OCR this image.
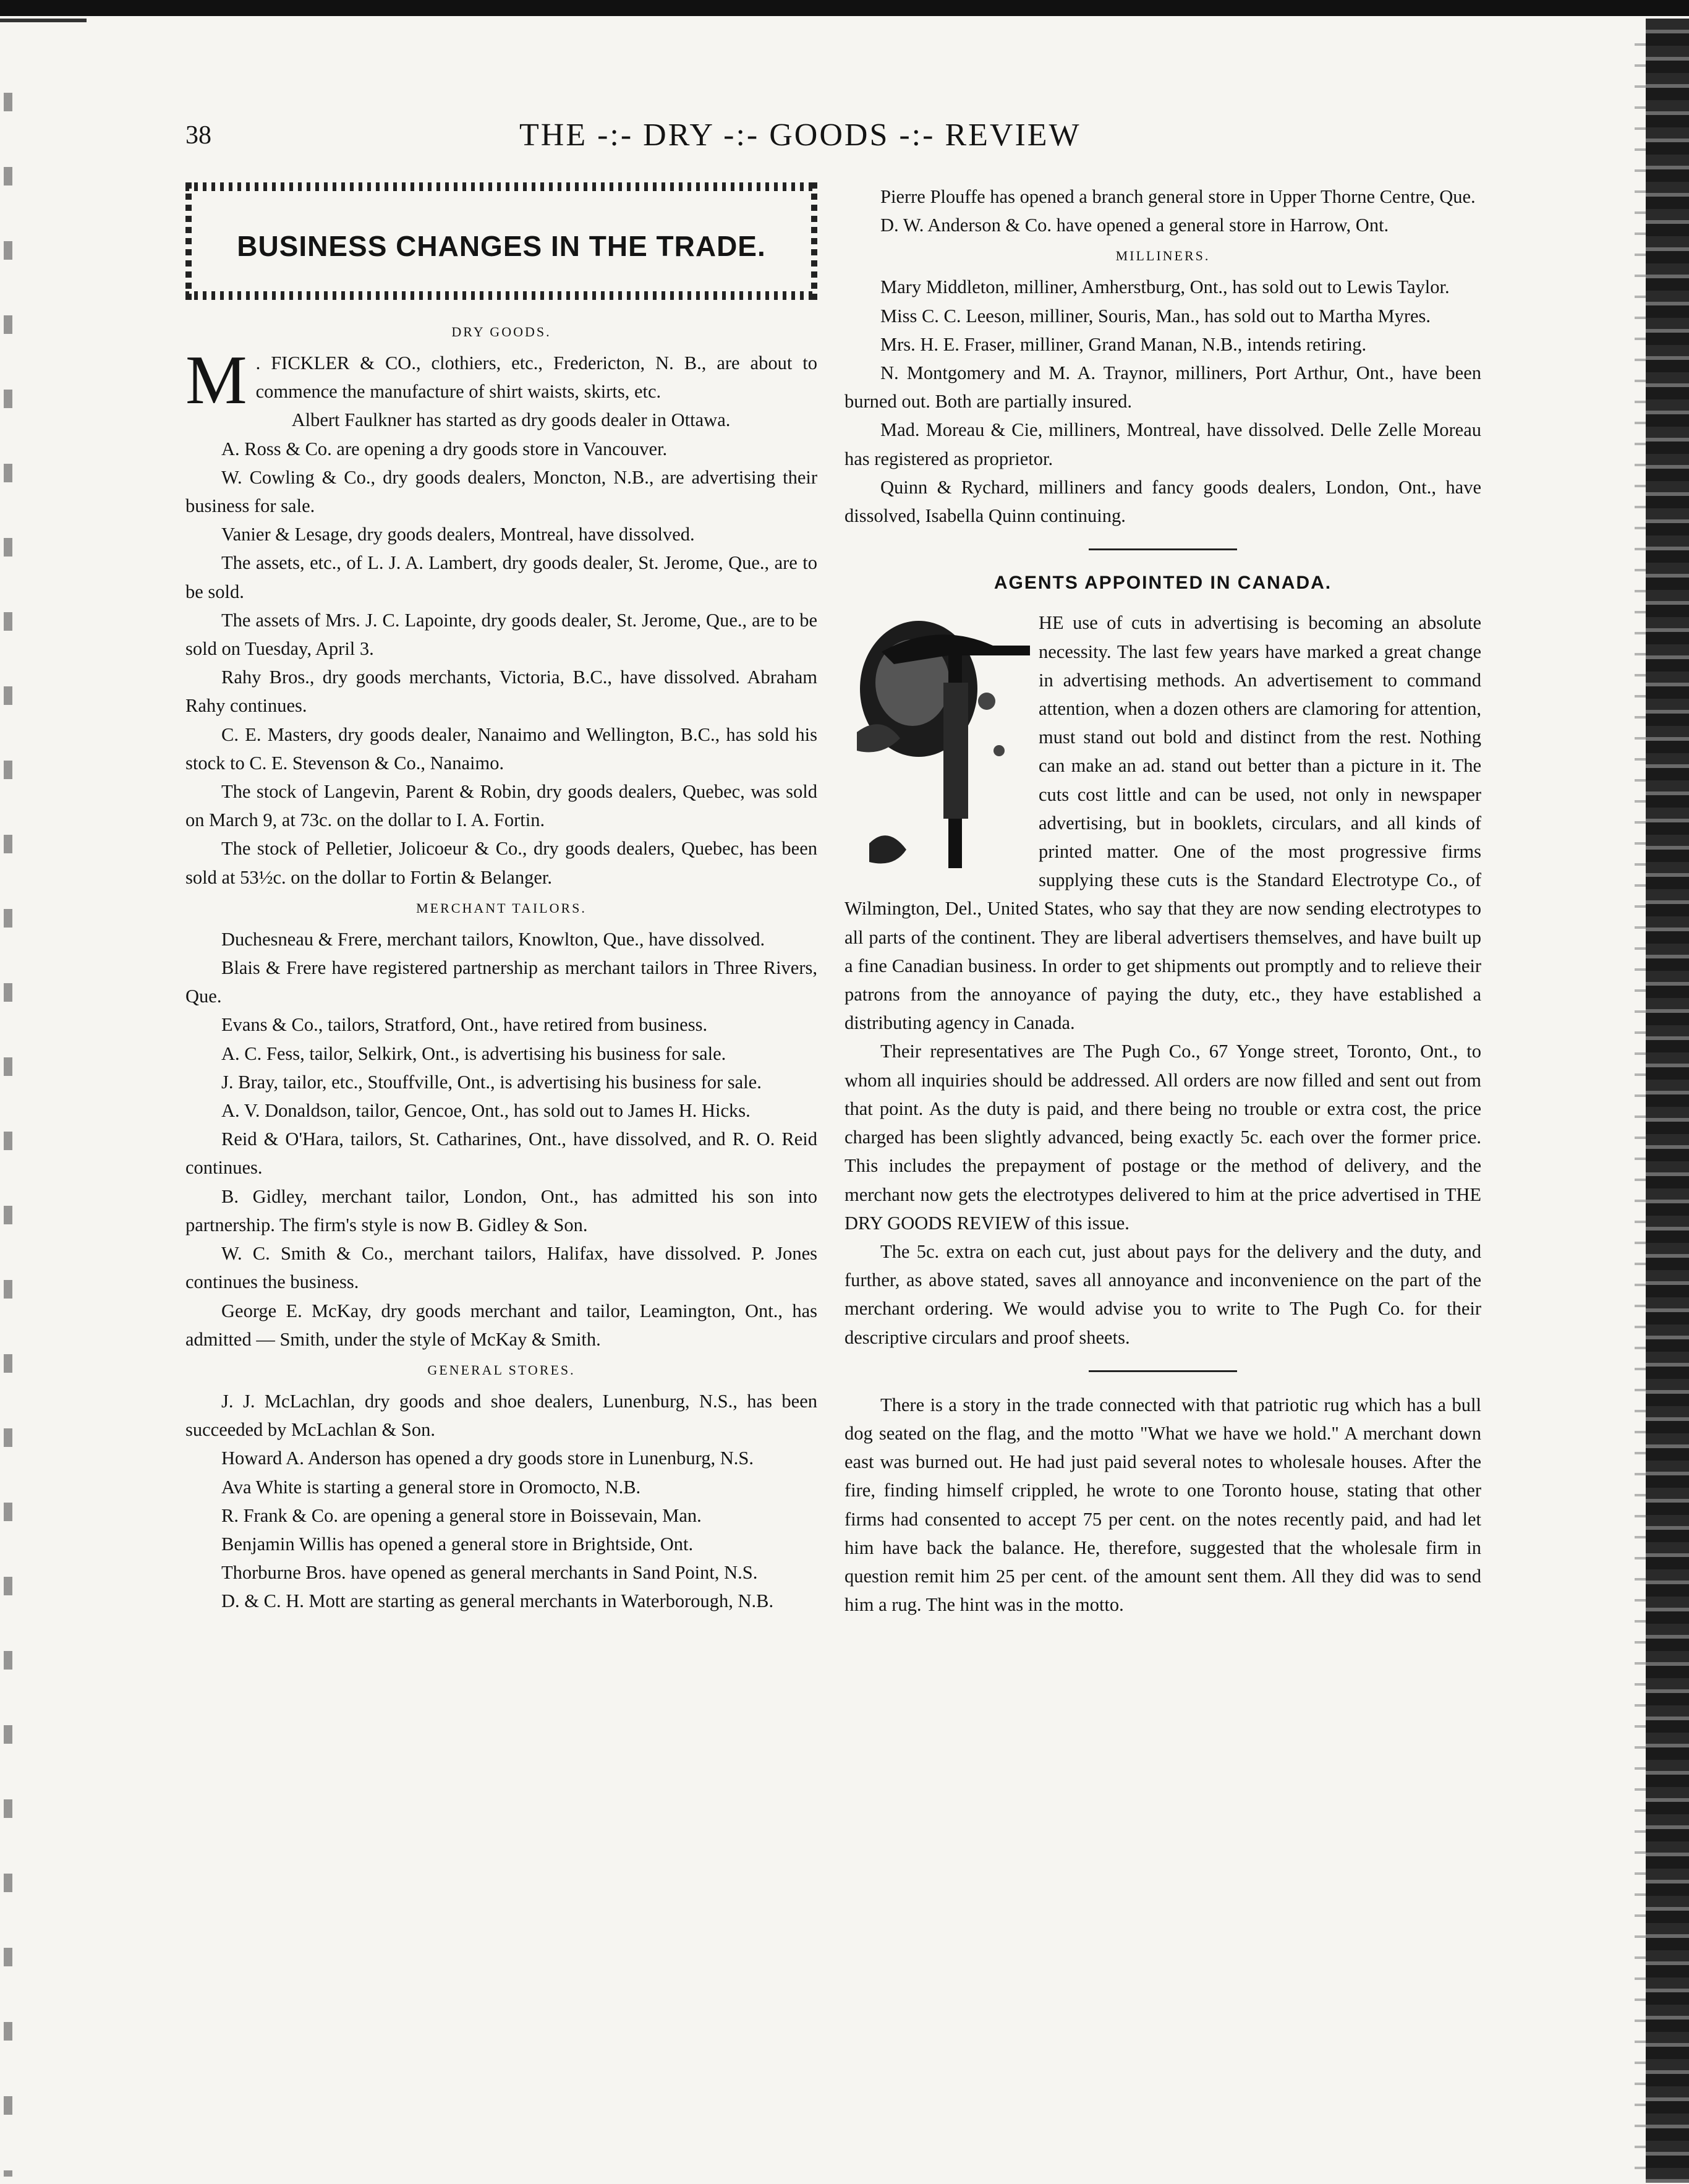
38	THE -:- DRY -:- GOODS -:- REVIEW
BUSINESS CHANGES IN THE TRADE.
DRY GOODS.

M . FICKLER & CO., clothiers, etc., Fredericton, N. B., are about to commence the manufacture of shirt waists, skirts, etc.

Albert Faulkner has started as dry goods dealer in Ottawa.

A. Ross & Co. are opening a dry goods store in Vancouver.

W. Cowling & Co., dry goods dealers, Moncton, N.B., are advertising their business for sale.

Vanier & Lesage, dry goods dealers, Montreal, have dissolved.

The assets, etc., of L. J. A. Lambert, dry goods dealer, St. Jerome, Que., are to be sold.

The assets of Mrs. J. C. Lapointe, dry goods dealer, St. Jerome, Que., are to be sold on Tuesday, April 3.

Rahy Bros., dry goods merchants, Victoria, B.C., have dissolved. Abraham Rahy continues.

C. E. Masters, dry goods dealer, Nanaimo and Wellington, B.C., has sold his stock to C. E. Stevenson & Co., Nanaimo.

The stock of Langevin, Parent & Robin, dry goods dealers, Quebec, was sold on March 9, at 73c. on the dollar to I. A. Fortin.

The stock of Pelletier, Jolicoeur & Co., dry goods dealers, Quebec, has been sold at 53½c. on the dollar to Fortin & Belanger.

MERCHANT TAILORS.

Duchesneau & Frere, merchant tailors, Knowlton, Que., have dissolved.

Blais & Frere have registered partnership as merchant tailors in Three Rivers, Que.

Evans & Co., tailors, Stratford, Ont., have retired from business.

A. C. Fess, tailor, Selkirk, Ont., is advertising his business for sale.

J. Bray, tailor, etc., Stouffville, Ont., is advertising his business for sale.

A. V. Donaldson, tailor, Gencoe, Ont., has sold out to James H. Hicks.

Reid & O'Hara, tailors, St. Catharines, Ont., have dissolved, and R. O. Reid continues.

B. Gidley, merchant tailor, London, Ont., has admitted his son into partnership. The firm's style is now B. Gidley & Son.

W. C. Smith & Co., merchant tailors, Halifax, have dissolved. P. Jones continues the business.

George E. McKay, dry goods merchant and tailor, Leamington, Ont., has admitted — Smith, under the style of McKay & Smith.

GENERAL STORES.

J. J. McLachlan, dry goods and shoe dealers, Lunenburg, N.S., has been succeeded by McLachlan & Son.

Howard A. Anderson has opened a dry goods store in Lunenburg, N.S.

Ava White is starting a general store in Oromocto, N.B.

R. Frank & Co. are opening a general store in Boissevain, Man.

Benjamin Willis has opened a general store in Brightside, Ont.

Thorburne Bros. have opened as general merchants in Sand Point, N.S.

D. & C. H. Mott are starting as general merchants in Waterborough, N.B.

Pierre Plouffe has opened a branch general store in Upper Thorne Centre, Que.

D. W. Anderson & Co. have opened a general store in Harrow, Ont.

MILLINERS.

Mary Middleton, milliner, Amherstburg, Ont., has sold out to Lewis Taylor.

Miss C. C. Leeson, milliner, Souris, Man., has sold out to Martha Myres.

Mrs. H. E. Fraser, milliner, Grand Manan, N.B., intends retiring.

N. Montgomery and M. A. Traynor, milliners, Port Arthur, Ont., have been burned out. Both are partially insured.

Mad. Moreau & Cie, milliners, Montreal, have dissolved. Delle Zelle Moreau has registered as proprietor.

Quinn & Rychard, milliners and fancy goods dealers, London, Ont., have dissolved, Isabella Quinn continuing.

AGENTS APPOINTED IN CANADA.

HE use of cuts in advertising is becoming an absolute necessity. The last few years have marked a great change in advertising methods. An advertisement to command attention, when a dozen others are clamoring for attention, must stand out bold and distinct from the rest. Nothing can make an ad. stand out better than a picture in it. The cuts cost little and can be used, not only in newspaper advertising, but in booklets, circulars, and all kinds of printed matter. One of the most progressive firms supplying these cuts is the Standard Electrotype Co., of Wilmington, Del., United States, who say that they are now sending electrotypes to all parts of the continent. They are liberal advertisers themselves, and have built up a fine Canadian business. In order to get shipments out promptly and to relieve their patrons from the annoyance of paying the duty, etc., they have established a distributing agency in Canada.

Their representatives are The Pugh Co., 67 Yonge street, Toronto, Ont., to whom all inquiries should be addressed. All orders are now filled and sent out from that point. As the duty is paid, and there being no trouble or extra cost, the price charged has been slightly advanced, being exactly 5c. each over the former price. This includes the prepayment of postage or the method of delivery, and the merchant now gets the electrotypes delivered to him at the price advertised in THE DRY GOODS REVIEW of this issue.

The 5c. extra on each cut, just about pays for the delivery and the duty, and further, as above stated, saves all annoyance and inconvenience on the part of the merchant ordering. We would advise you to write to The Pugh Co. for their descriptive circulars and proof sheets.

There is a story in the trade connected with that patriotic rug which has a bull dog seated on the flag, and the motto "What we have we hold." A merchant down east was burned out. He had just paid several notes to wholesale houses. After the fire, finding himself crippled, he wrote to one Toronto house, stating that other firms had consented to accept 75 per cent. on the notes recently paid, and had let him have back the balance. He, therefore, suggested that the wholesale firm in question remit him 25 per cent. of the amount sent them. All they did was to send him a rug. The hint was in the motto.
